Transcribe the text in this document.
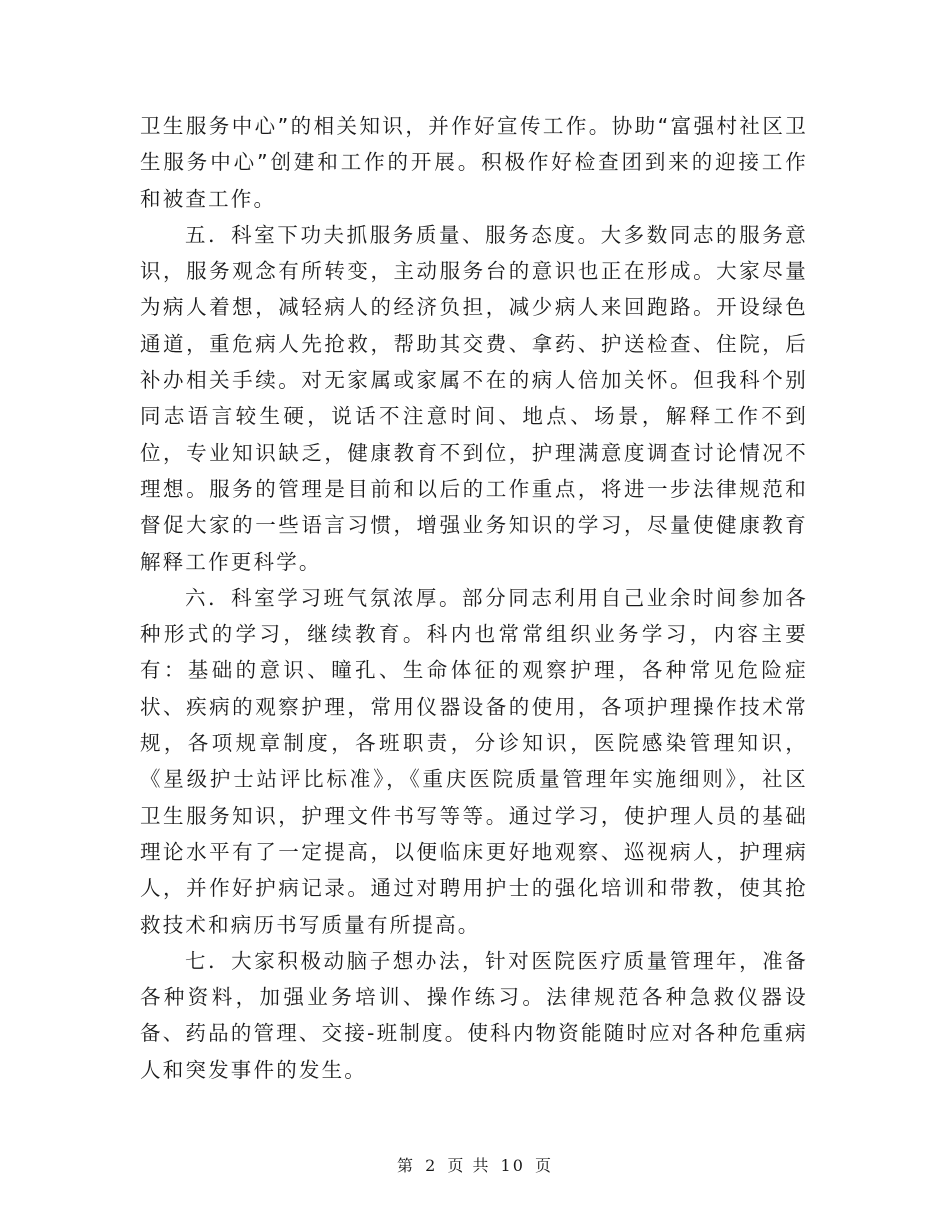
卫生服务中心”的相关知识，并作好宣传工作。协助“富强村社区卫生服务中心”创建和工作的开展。积极作好检查团到来的迎接工作和被查工作。

五．科室下功夫抓服务质量、服务态度。大多数同志的服务意识，服务观念有所转变，主动服务台的意识也正在形成。大家尽量为病人着想，减轻病人的经济负担，减少病人来回跑路。开设绿色通道，重危病人先抢救，帮助其交费、拿药、护送检查、住院，后补办相关手续。对无家属或家属不在的病人倍加关怀。但我科个别同志语言较生硬，说话不注意时间、地点、场景，解释工作不到位，专业知识缺乏，健康教育不到位，护理满意度调查讨论情况不理想。服务的管理是目前和以后的工作重点，将进一步法律规范和督促大家的一些语言习惯，增强业务知识的学习，尽量使健康教育解释工作更科学。

六．科室学习班气氛浓厚。部分同志利用自己业余时间参加各种形式的学习，继续教育。科内也常常组织业务学习，内容主要有：基础的意识、瞳孔、生命体征的观察护理，各种常见危险症状、疾病的观察护理，常用仪器设备的使用，各项护理操作技术常规，各项规章制度，各班职责，分诊知识，医院感染管理知识，《星级护士站评比标准》，《重庆医院质量管理年实施细则》，社区卫生服务知识，护理文件书写等等。通过学习，使护理人员的基础理论水平有了一定提高，以便临床更好地观察、巡视病人，护理病人，并作好护病记录。通过对聘用护士的强化培训和带教，使其抢救技术和病历书写质量有所提高。

七．大家积极动脑子想办法，针对医院医疗质量管理年，准备各种资料，加强业务培训、操作练习。法律规范各种急救仪器设备、药品的管理、交接-班制度。使科内物资能随时应对各种危重病人和突发事件的发生。

第 2 页 共 10 页
